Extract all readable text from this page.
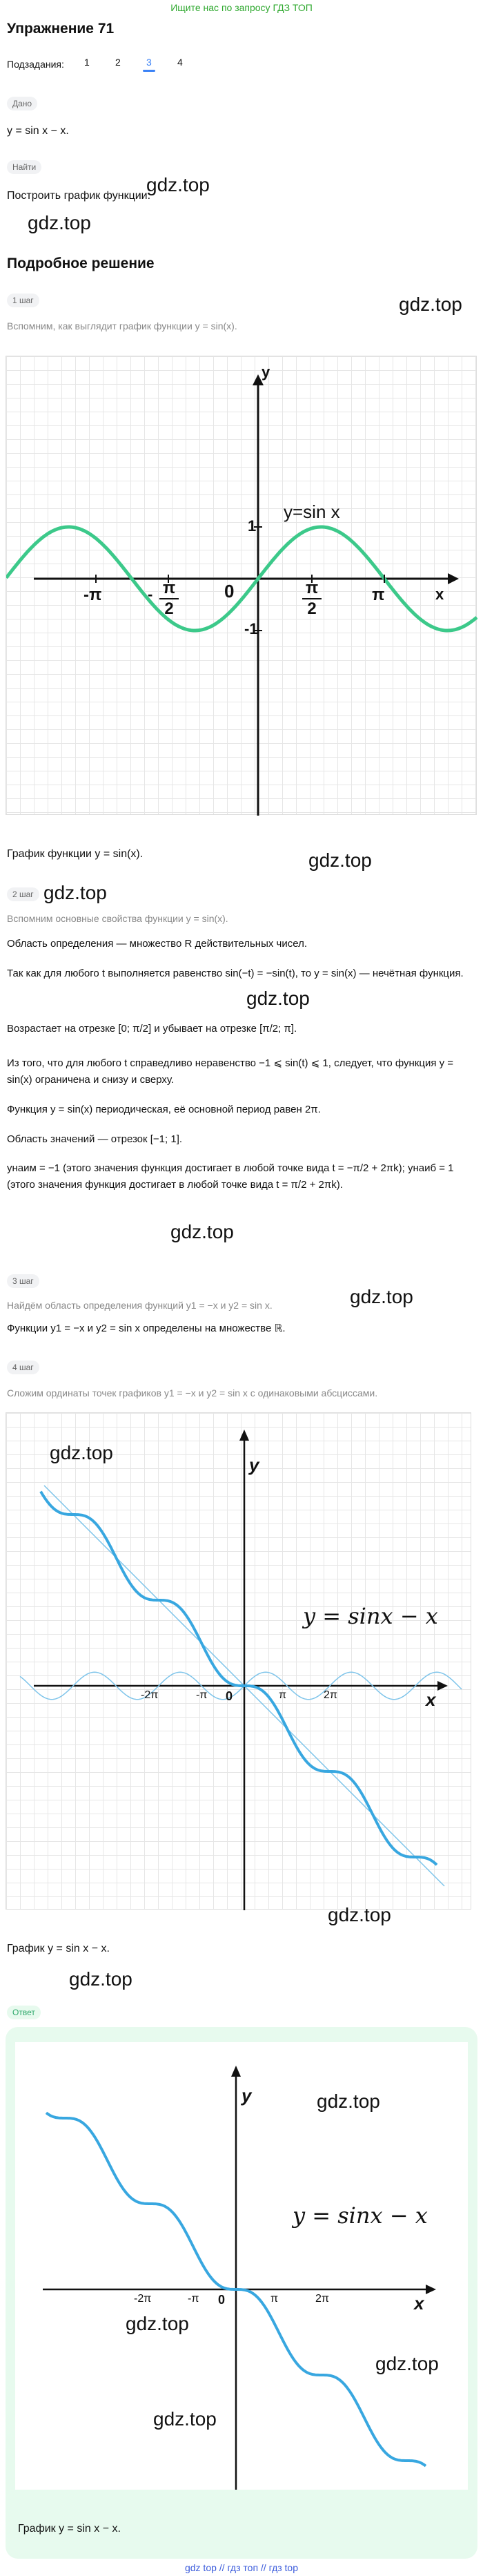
Ищите нас по запросу ГДЗ ТОП
Упражнение 71
Подзадания:	1	2	3	4
Дано
y = sin x − x.
Найти
Построить график функции.
gdz.top
gdz.top
Подробное решение
gdz.top
1 шаг
Вспомним, как выглядит график функции y = sin(x).
y
x
y=sin x
1
-1
0
-π	π
- π
2
π
2
График функции y = sin(x).	gdz.top
2 шаг gdz.top
Вспомним основные свойства функции y = sin(x).
Область определения — множество R действительных чисел.
Так как для любого t выполняется равенство sin(−t) = −sin(t), то y = sin(x) — нечётная функция.
gdz.top
Возрастает на отрезке [0; π/2] и убывает на отрезке [π/2; π].
Из того, что для любого t справедливо неравенство −1 ⩽ sin(t) ⩽ 1, следует, что функция y = sin(x) ограничена и снизу и сверху.
Функция y = sin(x) периодическая, её основной период равен 2π.
Область значений — отрезок [−1; 1].
yнаим = −1 (этого значения функция достигает в любой точке вида t = −π/2 + 2πk); yнаиб = 1 (этого значения функция достигает в любой точке вида t = π/2 + 2πk).
gdz.top
3 шаг
gdz.top
Найдём область определения функций y1 = −x и y2 = sin x.
Функции y1 = −x и y2 = sin x определены на множестве ℝ.
4 шаг
Сложим ординаты точек графиков y1 = −x и y2 = sin x с одинаковыми абсциссами.
y
x
y = sinx − x
-2π	-π 0	π	2π
gdz.top
gdz.top
График y = sin x − x.
gdz.top
Ответ
y
x
y = sinx − x
-2π	-π 0	π	2π
gdz.top
gdz.top
gdz.top
gdz.top
График y = sin x − x.
gdz top // гдз топ // гдз top
